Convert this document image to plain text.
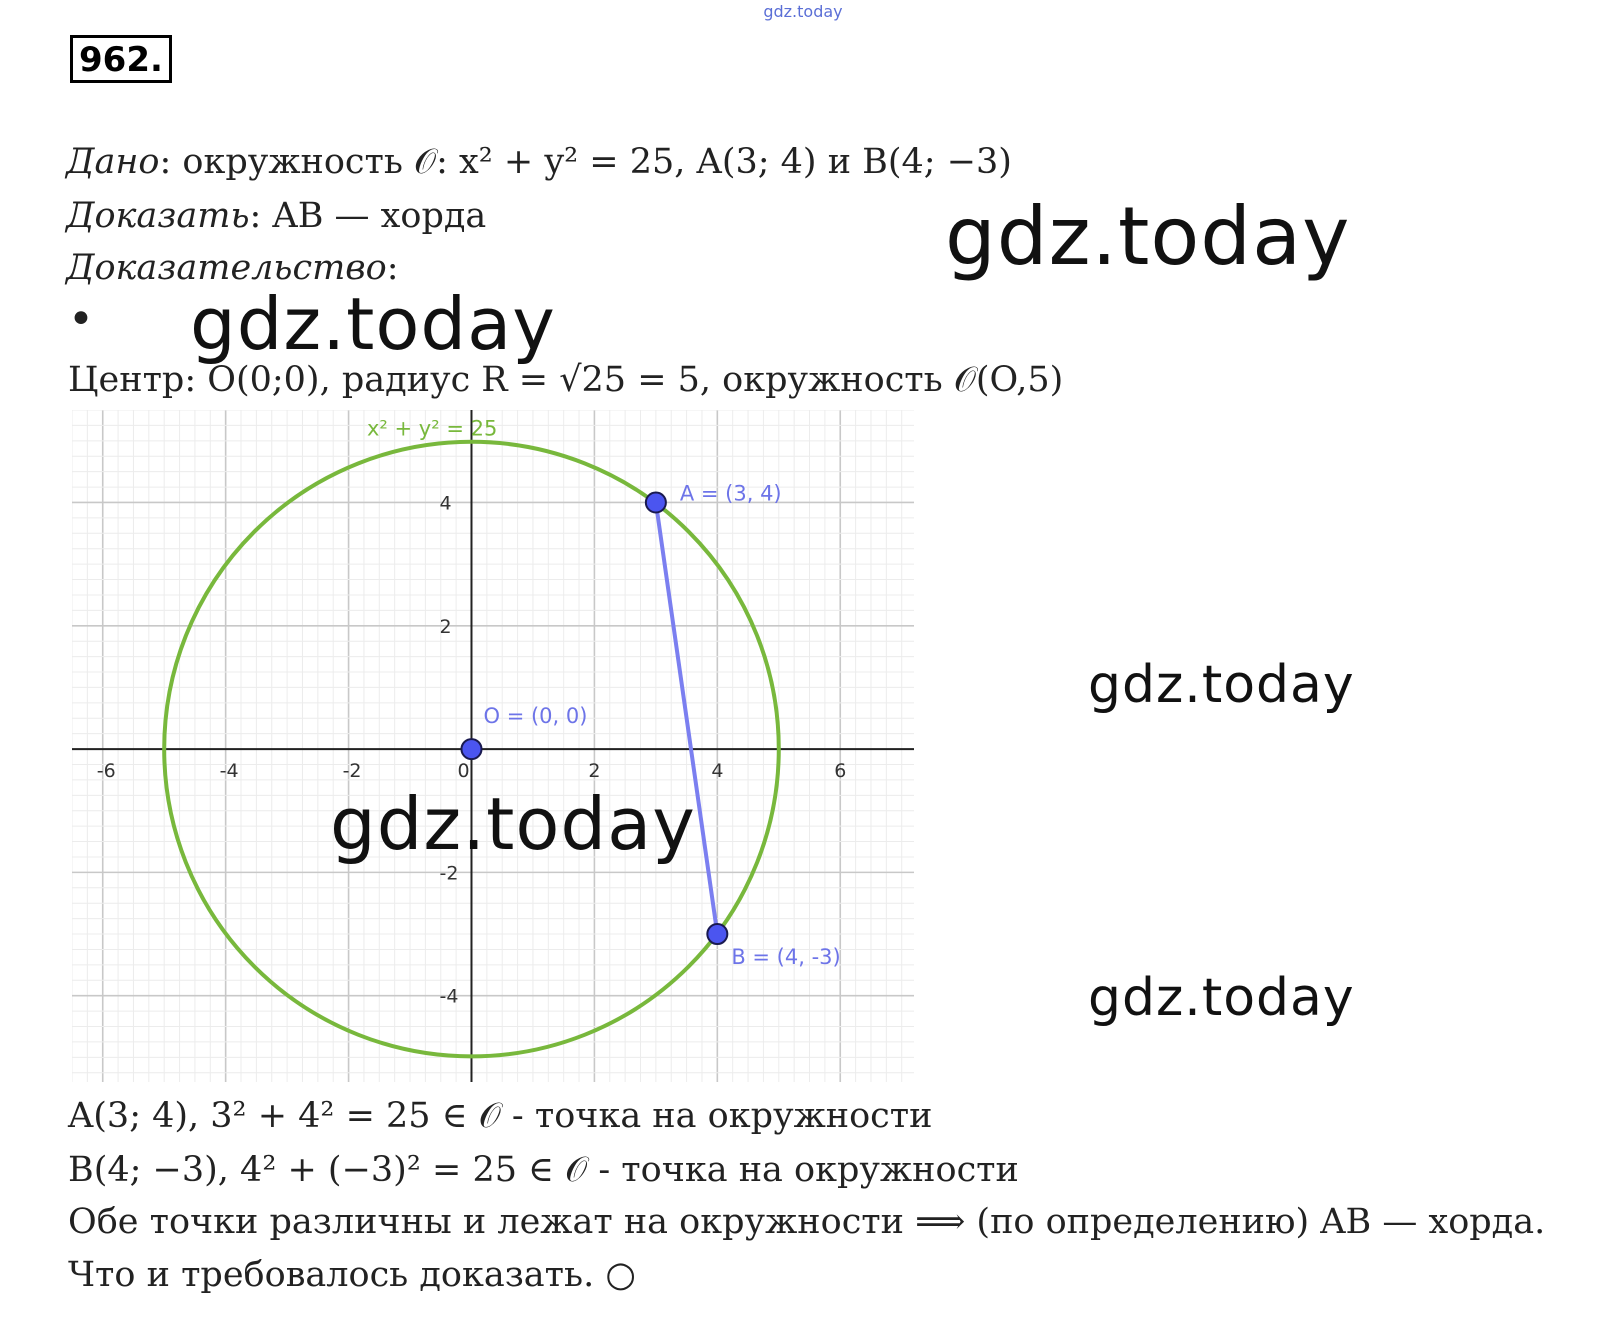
gdz.today
962.
Дано: окружность 𝒪: x² + y² = 25, A(3; 4) и B(4; −3)
Доказать: AB — хорда
Доказательство:	gdz.today
• gdz.today
Центр: O(0;0), радиус R = √25 = 5, окружность 𝒪(O,5)
-6	-4	-2	0	2	4	6
4
2
-2
-4
x² + y² = 25
A = (3, 4)
O = (0, 0)
B = (4, -3)
gdz.today
gdz.today
gdz.today
A(3; 4), 3² + 4² = 25 ∈ 𝒪 - точка на окружности
B(4; −3), 4² + (−3)² = 25 ∈ 𝒪 - точка на окружности
Обе точки различны и лежат на окружности ⟹ (по определению) AB — хорда.
Что и требовалось доказать. ○
